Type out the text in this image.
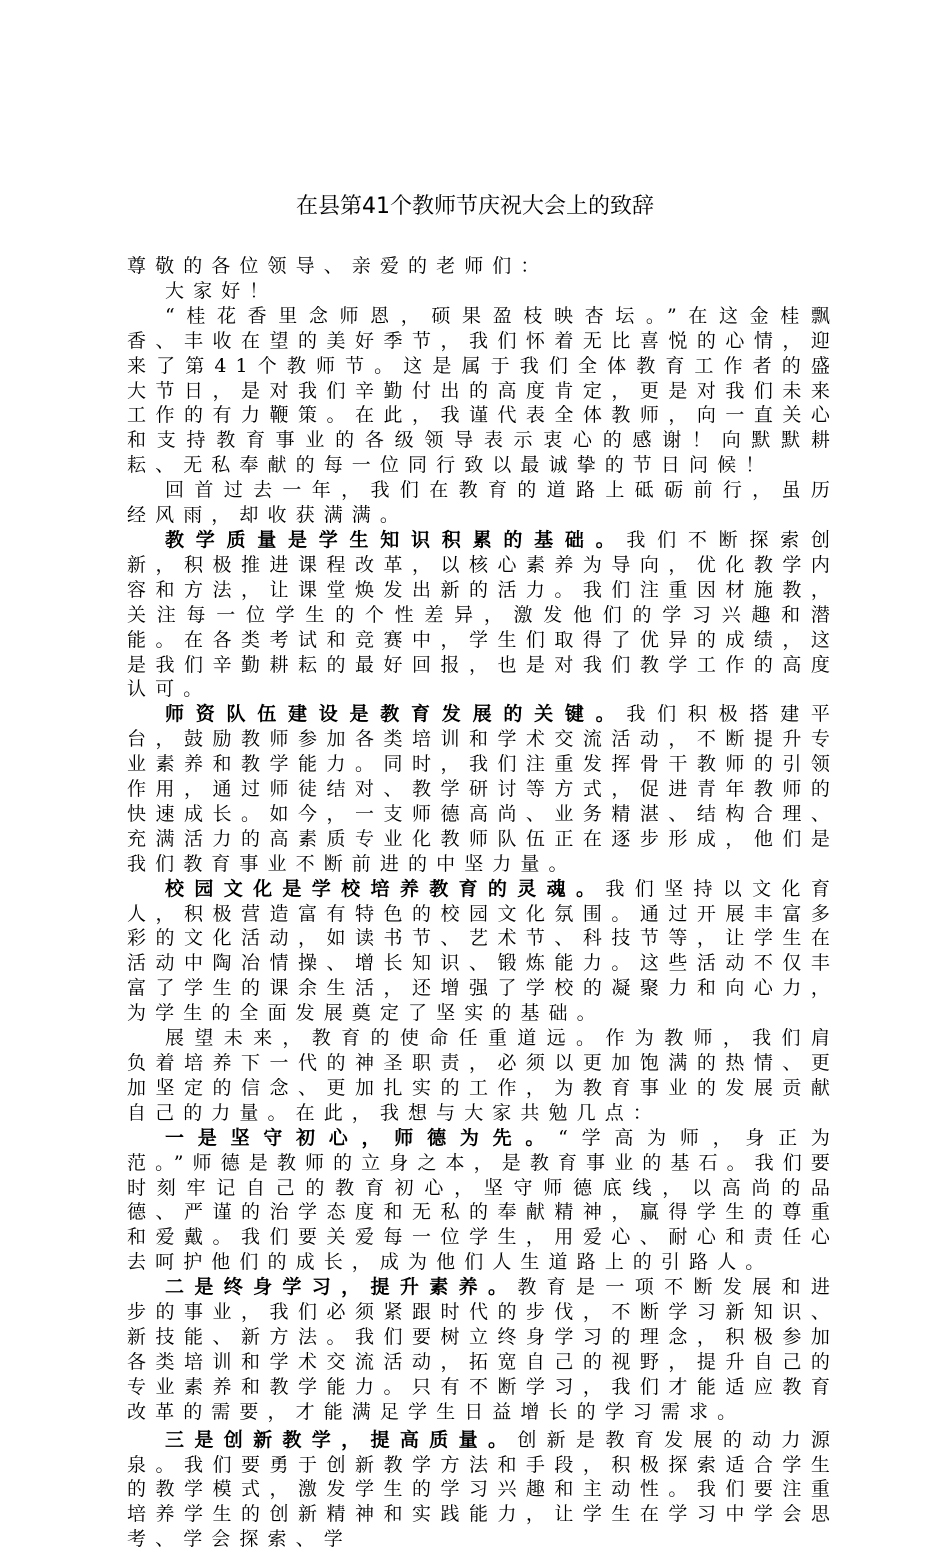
在县第41个教师节庆祝大会上的致辞

尊敬的各位领导、亲爱的老师们：

大家好！

“桂花香里念师恩，硕果盈枝映杏坛。”在这金桂飘香、丰收在望的美好季节，我们怀着无比喜悦的心情，迎来了第41个教师节。这是属于我们全体教育工作者的盛大节日，是对我们辛勤付出的高度肯定，更是对我们未来工作的有力鞭策。在此，我谨代表全体教师，向一直关心和支持教育事业的各级领导表示衷心的感谢！向默默耕耘、无私奉献的每一位同行致以最诚挚的节日问候！

回首过去一年，我们在教育的道路上砥砺前行，虽历经风雨，却收获满满。

教学质量是学生知识积累的基础。我们不断探索创新，积极推进课程改革，以核心素养为导向，优化教学内容和方法，让课堂焕发出新的活力。我们注重因材施教，关注每一位学生的个性差异，激发他们的学习兴趣和潜能。在各类考试和竞赛中，学生们取得了优异的成绩，这是我们辛勤耕耘的最好回报，也是对我们教学工作的高度认可。

师资队伍建设是教育发展的关键。我们积极搭建平台，鼓励教师参加各类培训和学术交流活动，不断提升专业素养和教学能力。同时，我们注重发挥骨干教师的引领作用，通过师徒结对、教学研讨等方式，促进青年教师的快速成长。如今，一支师德高尚、业务精湛、结构合理、充满活力的高素质专业化教师队伍正在逐步形成，他们是我们教育事业不断前进的中坚力量。

校园文化是学校培养教育的灵魂。我们坚持以文化育人，积极营造富有特色的校园文化氛围。通过开展丰富多彩的文化活动，如读书节、艺术节、科技节等，让学生在活动中陶冶情操、增长知识、锻炼能力。这些活动不仅丰富了学生的课余生活，还增强了学校的凝聚力和向心力，为学生的全面发展奠定了坚实的基础。

展望未来，教育的使命任重道远。作为教师，我们肩负着培养下一代的神圣职责，必须以更加饱满的热情、更加坚定的信念、更加扎实的工作，为教育事业的发展贡献自己的力量。在此，我想与大家共勉几点：

一是坚守初心，师德为先。“学高为师，身正为范。”师德是教师的立身之本，是教育事业的基石。我们要时刻牢记自己的教育初心，坚守师德底线，以高尚的品德、严谨的治学态度和无私的奉献精神，赢得学生的尊重和爱戴。我们要关爱每一位学生，用爱心、耐心和责任心去呵护他们的成长，成为他们人生道路上的引路人。

二是终身学习，提升素养。教育是一项不断发展和进步的事业，我们必须紧跟时代的步伐，不断学习新知识、新技能、新方法。我们要树立终身学习的理念，积极参加各类培训和学术交流活动，拓宽自己的视野，提升自己的专业素养和教学能力。只有不断学习，我们才能适应教育改革的需要，才能满足学生日益增长的学习需求。

三是创新教学，提高质量。创新是教育发展的动力源泉。我们要勇于创新教学方法和手段，积极探索适合学生的教学模式，激发学生的学习兴趣和主动性。我们要注重培养学生的创新精神和实践能力，让学生在学习中学会思考、学会探索、学
